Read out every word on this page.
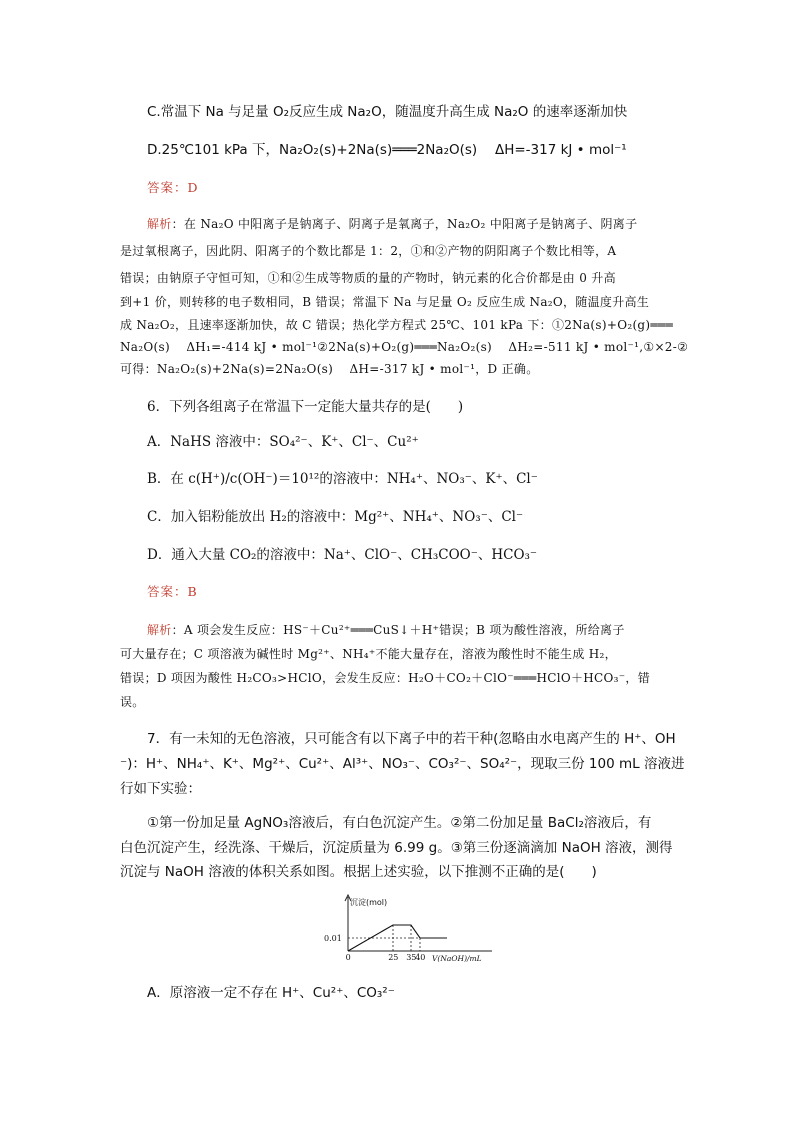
C.常温下 Na 与足量 O₂反应生成 Na₂O，随温度升高生成 Na₂O 的速率逐渐加快
D.25℃101 kPa 下，Na₂O₂(s)+2Na(s)═══2Na₂O(s)　 ΔH=-317 kJ • mol⁻¹
答案：D
解析：在 Na₂O 中阳离子是钠离子、阴离子是氧离子，Na₂O₂ 中阳离子是钠离子、阴离子
是过氧根离子，因此阴、阳离子的个数比都是 1：2，①和②产物的阴阳离子个数比相等，A
错误；由钠原子守恒可知，①和②生成等物质的量的产物时，钠元素的化合价都是由 0 升高
到+1 价，则转移的电子数相同，B 错误；常温下 Na 与足量 O₂ 反应生成 Na₂O，随温度升高生
成 Na₂O₂，且速率逐渐加快，故 C 错误；热化学方程式 25℃、101 kPa 下：①2Na(s)+O₂(g)═══
Na₂O(s)　 ΔH₁=-414 kJ • mol⁻¹②2Na(s)+O₂(g)═══Na₂O₂(s)　 ΔH₂=-511 kJ • mol⁻¹,①×2-②
可得：Na₂O₂(s)+2Na(s)=2Na₂O(s)　 ΔH=-317 kJ • mol⁻¹，D 正确。
6．下列各组离子在常温下一定能大量共存的是(　　)
A．NaHS 溶液中：SO₄²⁻、K⁺、Cl⁻、Cu²⁺
B．在 c(H⁺)/c(OH⁻)＝10¹²的溶液中：NH₄⁺、NO₃⁻、K⁺、Cl⁻
C．加入铝粉能放出 H₂的溶液中：Mg²⁺、NH₄⁺、NO₃⁻、Cl⁻
D．通入大量 CO₂的溶液中：Na⁺、ClO⁻、CH₃COO⁻、HCO₃⁻
答案：B
解析：A 项会发生反应：HS⁻＋Cu²⁺═══CuS↓＋H⁺错误；B 项为酸性溶液，所给离子
可大量存在；C 项溶液为碱性时 Mg²⁺、NH₄⁺不能大量存在，溶液为酸性时不能生成 H₂，
错误；D 项因为酸性 H₂CO₃>HClO，会发生反应：H₂O＋CO₂＋ClO⁻═══HClO＋HCO₃⁻，错
误。
7．有一未知的无色溶液，只可能含有以下离子中的若干种(忽略由水电离产生的 H⁺、OH
⁻)：H⁺、NH₄⁺、K⁺、Mg²⁺、Cu²⁺、Al³⁺、NO₃⁻、CO₃²⁻、SO₄²⁻，现取三份 100 mL 溶液进
行如下实验：
①第一份加足量 AgNO₃溶液后，有白色沉淀产生。②第二份加足量 BaCl₂溶液后，有
白色沉淀产生，经洗涤、干燥后，沉淀质量为 6.99 g。③第三份逐滴滴加 NaOH 溶液，测得
沉淀与 NaOH 溶液的体积关系如图。根据上述实验，以下推测不正确的是(　　)
沉淀(mol)
V(NaOH)/mL
0.01
0	25 35
40
A．原溶液一定不存在 H⁺、Cu²⁺、CO₃²⁻
